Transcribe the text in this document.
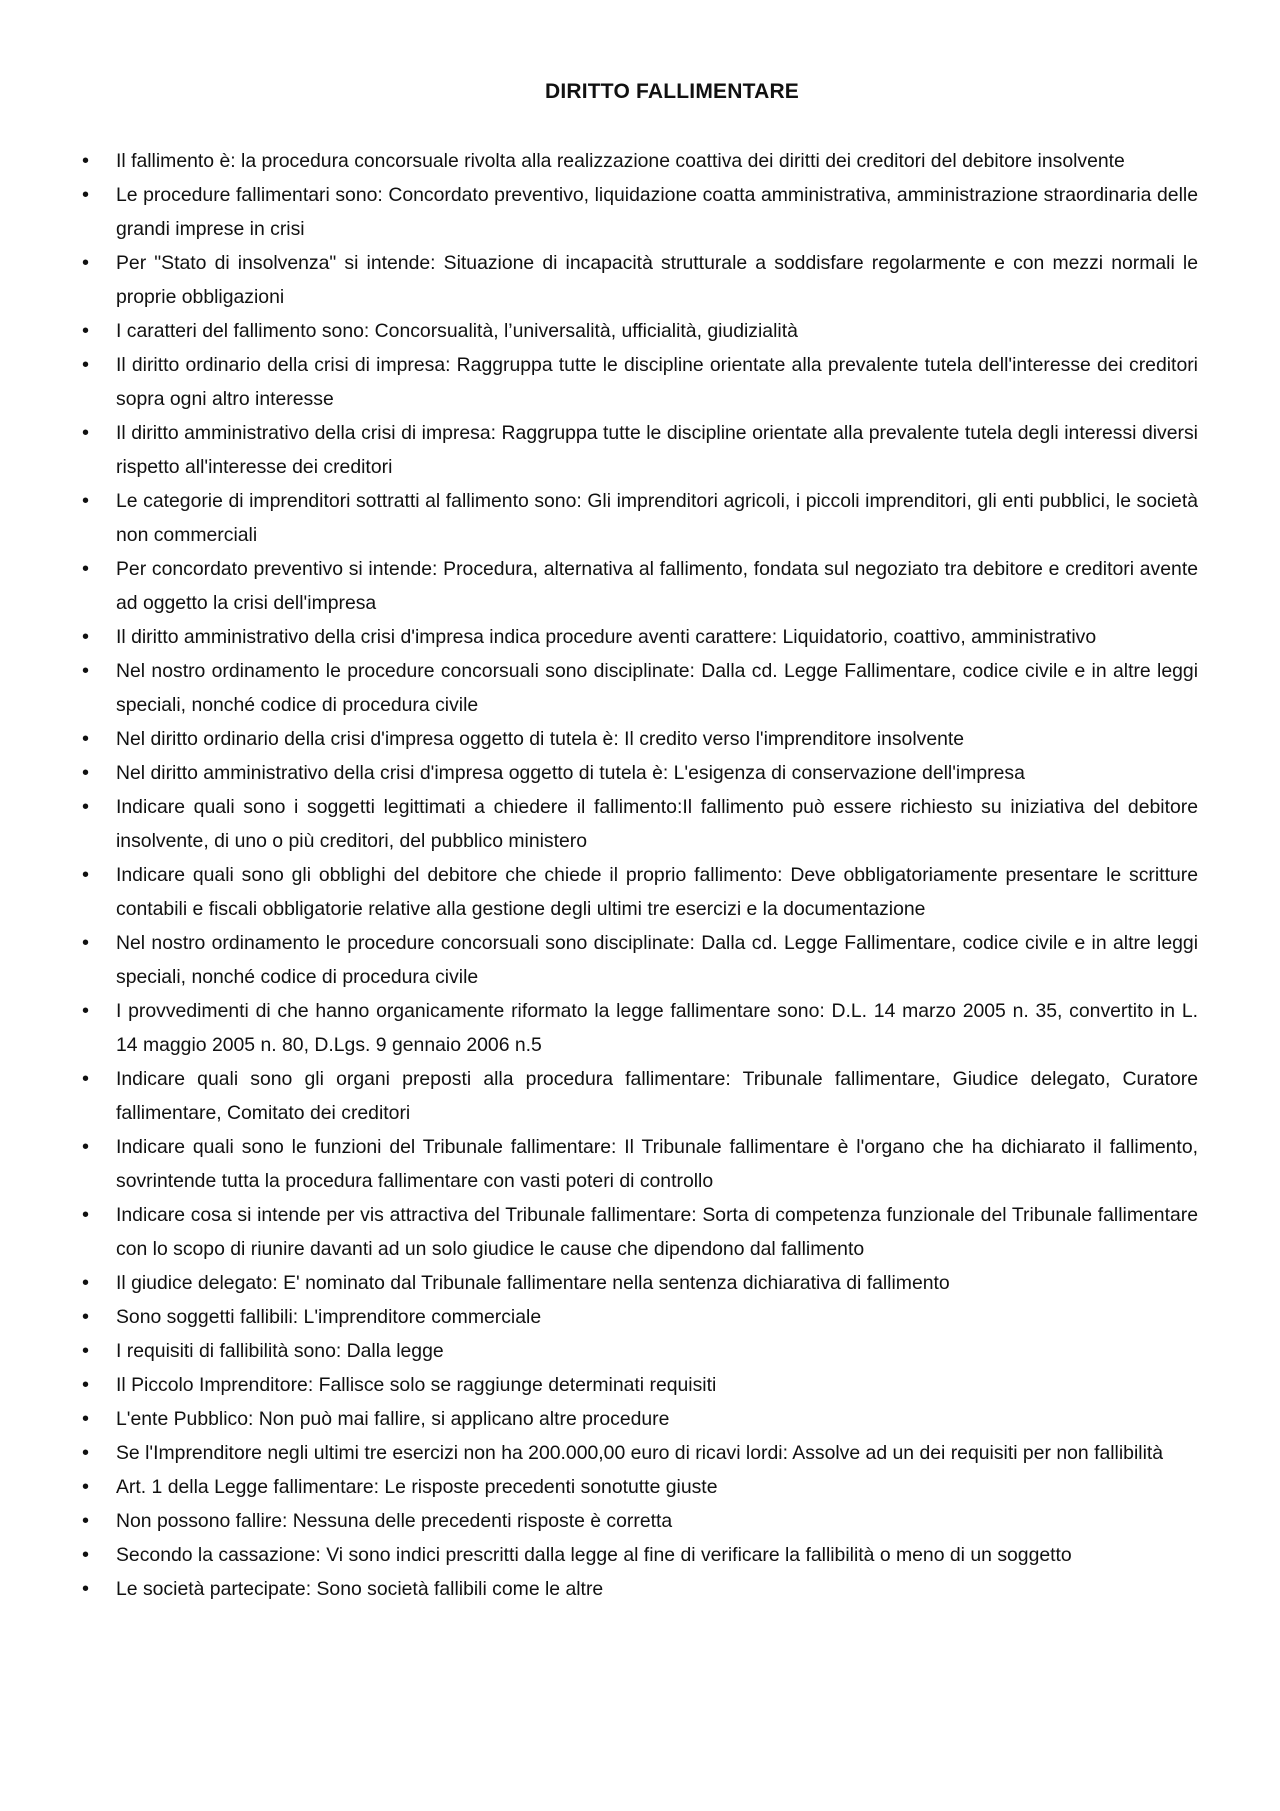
DIRITTO FALLIMENTARE
• Il fallimento è: la procedura concorsuale rivolta alla realizzazione coattiva dei diritti dei creditori del debitore insolvente
• Le procedure fallimentari sono: Concordato preventivo, liquidazione coatta amministrativa, amministrazione straordinaria delle grandi imprese in crisi
• Per "Stato di insolvenza" si intende: Situazione di incapacità strutturale a soddisfare regolarmente e con mezzi normali le proprie obbligazioni
• I caratteri del fallimento sono: Concorsualità, l’universalità, ufficialità, giudizialità
• Il diritto ordinario della crisi di impresa: Raggruppa tutte le discipline orientate alla prevalente tutela dell'interesse dei creditori sopra ogni altro interesse
• Il diritto amministrativo della crisi di impresa: Raggruppa tutte le discipline orientate alla prevalente tutela degli interessi diversi rispetto all'interesse dei creditori
• Le categorie di imprenditori sottratti al fallimento sono: Gli imprenditori agricoli, i piccoli imprenditori, gli enti pubblici, le società non commerciali
• Per concordato preventivo si intende: Procedura, alternativa al fallimento, fondata sul negoziato tra debitore e creditori avente ad oggetto la crisi dell'impresa
• Il diritto amministrativo della crisi d'impresa indica procedure aventi carattere: Liquidatorio, coattivo, amministrativo
• Nel nostro ordinamento le procedure concorsuali sono disciplinate: Dalla cd. Legge Fallimentare, codice civile e in altre leggi speciali, nonché codice di procedura civile
• Nel diritto ordinario della crisi d'impresa oggetto di tutela è: Il credito verso l'imprenditore insolvente
• Nel diritto amministrativo della crisi d'impresa oggetto di tutela è: L'esigenza di conservazione dell'impresa
• Indicare quali sono i soggetti legittimati a chiedere il fallimento:Il fallimento può essere richiesto su iniziativa del debitore insolvente, di uno o più creditori, del pubblico ministero
• Indicare quali sono gli obblighi del debitore che chiede il proprio fallimento: Deve obbligatoriamente presentare le scritture contabili e fiscali obbligatorie relative alla gestione degli ultimi tre esercizi e la documentazione
• Nel nostro ordinamento le procedure concorsuali sono disciplinate: Dalla cd. Legge Fallimentare, codice civile e in altre leggi speciali, nonché codice di procedura civile
• I provvedimenti di che hanno organicamente riformato la legge fallimentare sono: D.L. 14 marzo 2005 n. 35, convertito in L. 14 maggio 2005 n. 80, D.Lgs. 9 gennaio 2006 n.5
• Indicare quali sono gli organi preposti alla procedura fallimentare: Tribunale fallimentare, Giudice delegato, Curatore fallimentare, Comitato dei creditori
• Indicare quali sono le funzioni del Tribunale fallimentare: Il Tribunale fallimentare è l'organo che ha dichiarato il fallimento, sovrintende tutta la procedura fallimentare con vasti poteri di controllo
• Indicare cosa si intende per vis attractiva del Tribunale fallimentare: Sorta di competenza funzionale del Tribunale fallimentare con lo scopo di riunire davanti ad un solo giudice le cause che dipendono dal fallimento
• Il giudice delegato: E' nominato dal Tribunale fallimentare nella sentenza dichiarativa di fallimento
• Sono soggetti fallibili: L'imprenditore commerciale
• I requisiti di fallibilità sono: Dalla legge
• Il Piccolo Imprenditore: Fallisce solo se raggiunge determinati requisiti
• L'ente Pubblico: Non può mai fallire, si applicano altre procedure
• Se l'Imprenditore negli ultimi tre esercizi non ha 200.000,00 euro di ricavi lordi: Assolve ad un dei requisiti per non fallibilità
• Art. 1 della Legge fallimentare: Le risposte precedenti sonotutte giuste
• Non possono fallire: Nessuna delle precedenti risposte è corretta
• Secondo la cassazione: Vi sono indici prescritti dalla legge al fine di verificare la fallibilità o meno di un soggetto
• Le società partecipate: Sono società fallibili come le altre
